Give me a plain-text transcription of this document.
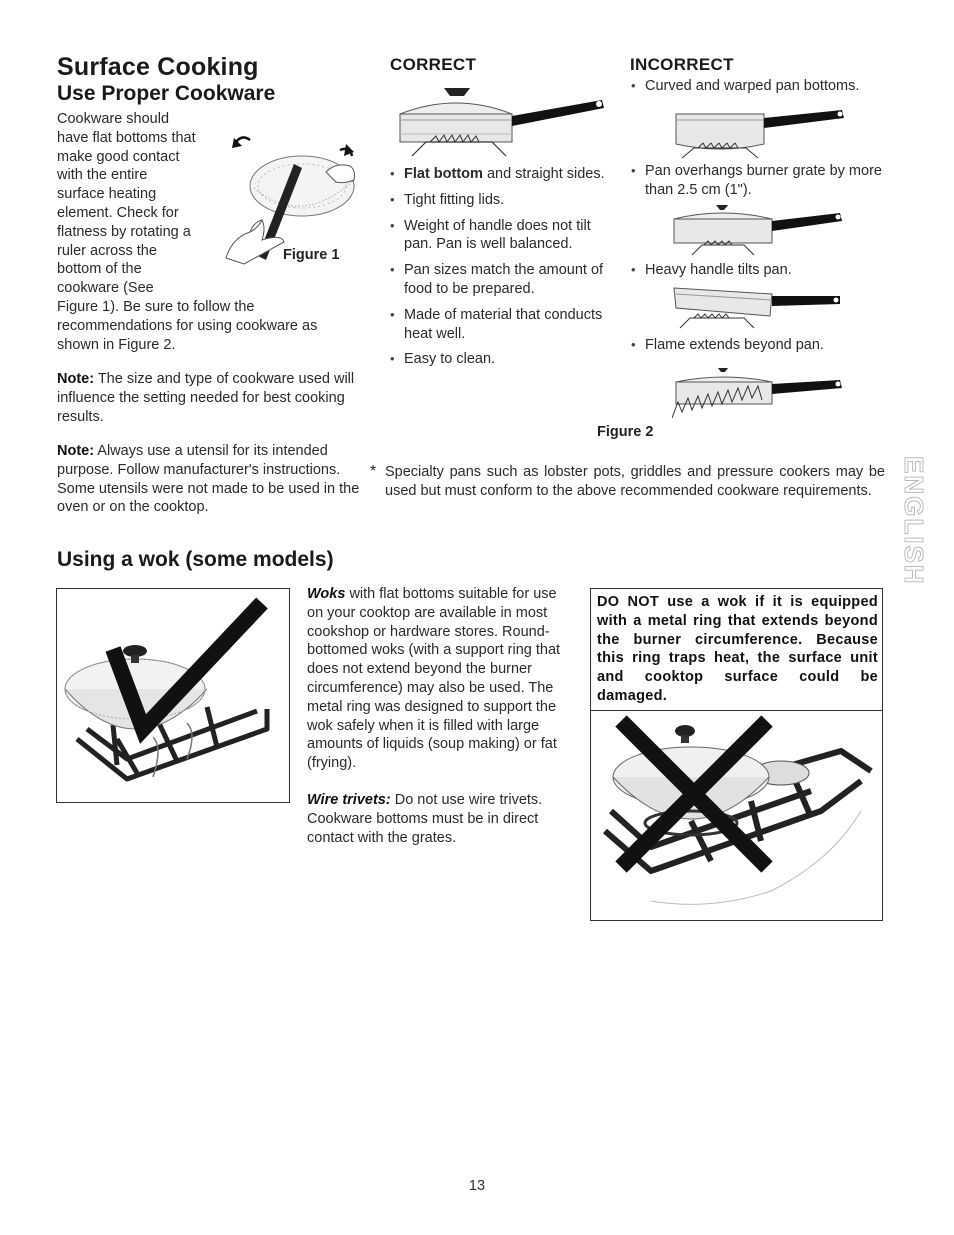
Surface Cooking
Use Proper Cookware
Cookware should
have flat bottoms that
make good contact
with the entire
surface heating
element. Check for
flatness by rotating a
ruler across the
bottom of the
cookware (See
Figure 1). Be sure to follow the
recommendations for using cookware as
shown in Figure 2.
Figure 1
Note: The size and type of cookware used will influence the setting needed for best cooking results.
Note: Always use a utensil for its intended purpose. Follow manufacturer's instructions. Some utensils were not made to be used in the oven or on the cooktop.
CORRECT
• Flat bottom and straight sides.
• Tight fitting lids.
• Weight of handle does not tilt pan. Pan is well balanced.
• Pan sizes match the amount of food to be prepared.
• Made of material that conducts heat well.
• Easy to clean.
INCORRECT
• Curved and warped pan bottoms.
• Pan overhangs burner grate by more than 2.5 cm (1").
• Heavy handle tilts pan.
• Flame extends beyond pan.
Figure 2
* Specialty pans such as lobster pots, griddles and pressure cookers may be used but must conform to the above recommended cookware requirements.	ENGLISH
Using a wok (some models)
Woks with flat bottoms suitable for use on your cooktop are available in most cookshop or hardware stores. Round-bottomed woks (with a support ring that does not extend beyond the burner circumference) may also be used. The metal ring was designed to support the wok safely when it is filled with large amounts of liquids (soup making) or fat (frying).
Wire trivets: Do not use wire trivets. Cookware bottoms must be in direct contact with the grates.
DO NOT use a wok if it is equipped with a metal ring that extends beyond the burner circumference. Because this ring traps heat, the surface unit and cooktop surface could be damaged.
13
